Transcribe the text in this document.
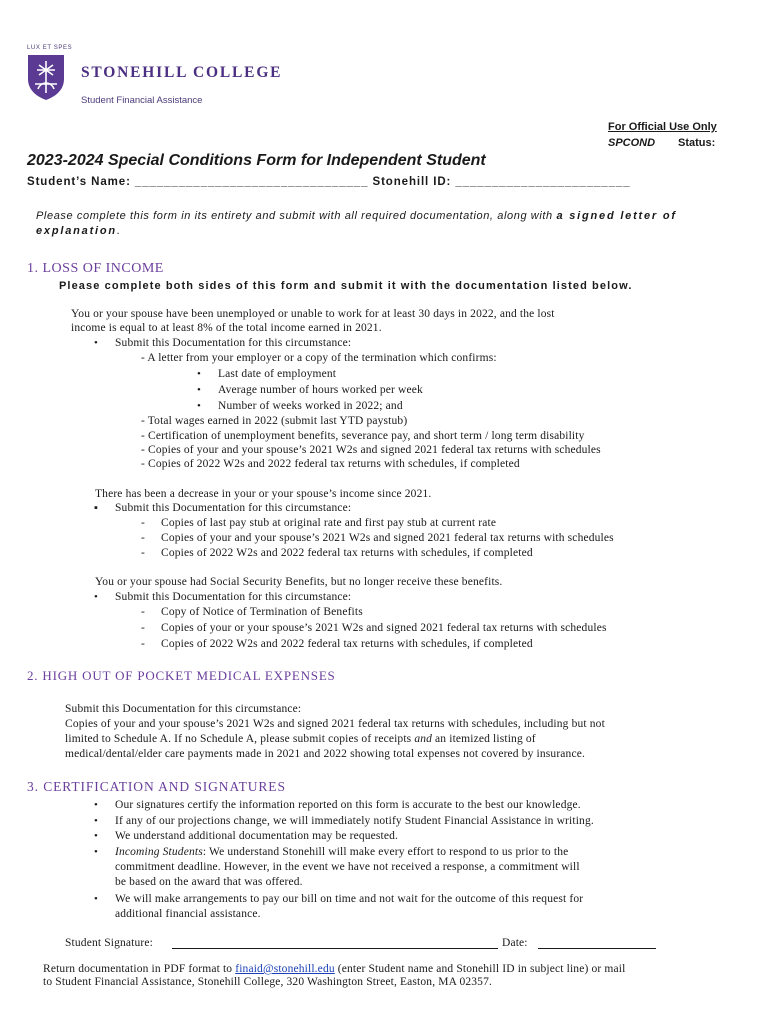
LUX ET SPES
STONEHILL COLLEGE
Student Financial Assistance
For Official Use Only
SPCOND Status:
2023-2024 Special Conditions Form for Independent Student
Student’s Name: ________________________________ Stonehill ID: ________________________
Please complete this form in its entirety and submit with all required documentation, along with a signed letter of explanation.
1. LOSS OF INCOME
Please complete both sides of this form and submit it with the documentation listed below.
You or your spouse have been unemployed or unable to work for at least 30 days in 2022, and the lost
income is equal to at least 8% of the total income earned in 2021.
• Submit this Documentation for this circumstance:
- A letter from your employer or a copy of the termination which confirms:
• Last date of employment
• Average number of hours worked per week
• Number of weeks worked in 2022; and
- Total wages earned in 2022 (submit last YTD paystub)
- Certification of unemployment benefits, severance pay, and short term / long term disability
- Copies of your and your spouse’s 2021 W2s and signed 2021 federal tax returns with schedules
- Copies of 2022 W2s and 2022 federal tax returns with schedules, if completed
There has been a decrease in your or your spouse’s income since 2021.
▪ Submit this Documentation for this circumstance:
- Copies of last pay stub at original rate and first pay stub at current rate
- Copies of your and your spouse’s 2021 W2s and signed 2021 federal tax returns with schedules
- Copies of 2022 W2s and 2022 federal tax returns with schedules, if completed
You or your spouse had Social Security Benefits, but no longer receive these benefits.
• Submit this Documentation for this circumstance:
- Copy of Notice of Termination of Benefits
- Copies of your or your spouse’s 2021 W2s and signed 2021 federal tax returns with schedules
- Copies of 2022 W2s and 2022 federal tax returns with schedules, if completed
2. HIGH OUT OF POCKET MEDICAL EXPENSES
Submit this Documentation for this circumstance:
Copies of your and your spouse’s 2021 W2s and signed 2021 federal tax returns with schedules, including but not
limited to Schedule A. If no Schedule A, please submit copies of receipts and an itemized listing of
medical/dental/elder care payments made in 2021 and 2022 showing total expenses not covered by insurance.
3. CERTIFICATION AND SIGNATURES
• Our signatures certify the information reported on this form is accurate to the best our knowledge.
• If any of our projections change, we will immediately notify Student Financial Assistance in writing.
• We understand additional documentation may be requested.
• Incoming Students: We understand Stonehill will make every effort to respond to us prior to the
commitment deadline. However, in the event we have not received a response, a commitment will
be based on the award that was offered.
• We will make arrangements to pay our bill on time and not wait for the outcome of this request for
additional financial assistance.
Student Signature:	Date:
Return documentation in PDF format to finaid@stonehill.edu (enter Student name and Stonehill ID in subject line) or mail
to Student Financial Assistance, Stonehill College, 320 Washington Street, Easton, MA 02357.
